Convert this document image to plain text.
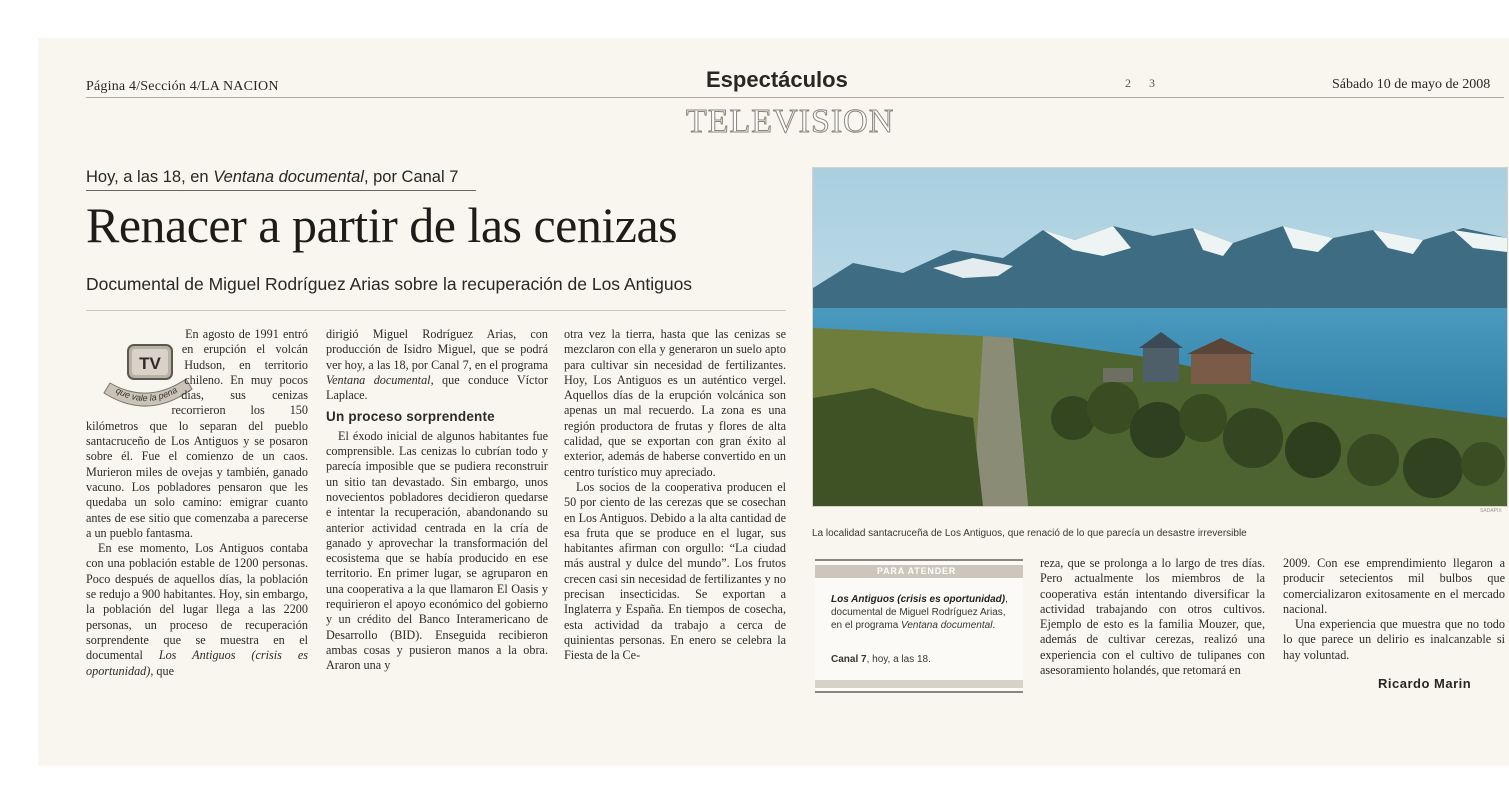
Página 4/Sección 4/LA NACION	Espectáculos	2      3	Sábado 10 de mayo de 2008
TELEVISION
Hoy, a las 18, en Ventana documental, por Canal 7
Renacer a partir de las cenizas
Documental de Miguel Rodríguez Arias sobre la recuperación de Los Antiguos

que vale la pena
TV
En agosto de 1991 entró en erupción el volcán Hudson, en territorio chileno. En muy pocos días, sus cenizas recorrieron los 150 kilómetros que lo separan del pueblo santacruceño de Los Antiguos y se posaron sobre él. Fue el comienzo de un caos. Murieron miles de ovejas y también, ganado vacuno. Los pobladores pensaron que les quedaba un solo camino: emigrar cuanto antes de ese sitio que comenzaba a parecerse a un pueblo fantasma.

En ese momento, Los Antiguos contaba con una población estable de 1200 personas. Poco después de aquellos días, la población se redujo a 900 habitantes. Hoy, sin embargo, la población del lugar llega a las 2200 personas, un proceso de recuperación sorprendente que se muestra en el documental Los Antiguos (crisis es oportunidad), que

dirigió Miguel Rodríguez Arias, con producción de Isidro Miguel, que se podrá ver hoy, a las 18, por Canal 7, en el programa Ventana documental, que conduce Víctor Laplace.

Un proceso sorprendente

El éxodo inicial de algunos habitantes fue comprensible. Las cenizas lo cubrían todo y parecía imposible que se pudiera reconstruir un sitio tan devastado. Sin embargo, unos novecientos pobladores decidieron quedarse e intentar la recuperación, abandonando su anterior actividad centrada en la cría de ganado y aprovechar la transformación del ecosistema que se había producido en ese territorio. En primer lugar, se agruparon en una cooperativa a la que llamaron El Oasis y requirieron el apoyo económico del gobierno y un crédito del Banco Interamericano de Desarrollo (BID). Enseguida recibieron ambas cosas y pusieron manos a la obra. Araron una y

otra vez la tierra, hasta que las cenizas se mezclaron con ella y generaron un suelo apto para cultivar sin necesidad de fertilizantes. Hoy, Los Antiguos es un auténtico vergel. Aquellos días de la erupción volcánica son apenas un mal recuerdo. La zona es una región productora de frutas y flores de alta calidad, que se exportan con gran éxito al exterior, además de haberse convertido en un centro turístico muy apreciado.

Los socios de la cooperativa producen el 50 por ciento de las cerezas que se cosechan en Los Antiguos. Debido a la alta cantidad de esa fruta que se produce en el lugar, sus habitantes afirman con orgullo: “La ciudad más austral y dulce del mundo”. Los frutos crecen casi sin necesidad de fertilizantes y no precisan insecticidas. Se exportan a Inglaterra y España. En tiempos de cosecha, esta actividad da trabajo a cerca de quinientas personas. En enero se celebra la Fiesta de la Ce-

SADAPIX
La localidad santacruceña de Los Antiguos, que renació de lo que parecía un desastre irreversible
PARA ATENDER
Los Antiguos (crisis es oportunidad), documental de Miguel Rodríguez Arias, en el programa Ventana documental.
Canal 7, hoy, a las 18.

reza, que se prolonga a lo largo de tres días. Pero actualmente los miembros de la cooperativa están intentando diversificar la actividad trabajando con otros cultivos. Ejemplo de esto es la familia Mouzer, que, además de cultivar cerezas, realizó una experiencia con el cultivo de tulipanes con asesoramiento holandés, que retomará en

2009. Con ese emprendimiento llegaron a producir setecientos mil bulbos que comercializaron exitosamente en el mercado nacional.

Una experiencia que muestra que no todo lo que parece un delirio es inalcanzable si hay voluntad.

Ricardo Marin
